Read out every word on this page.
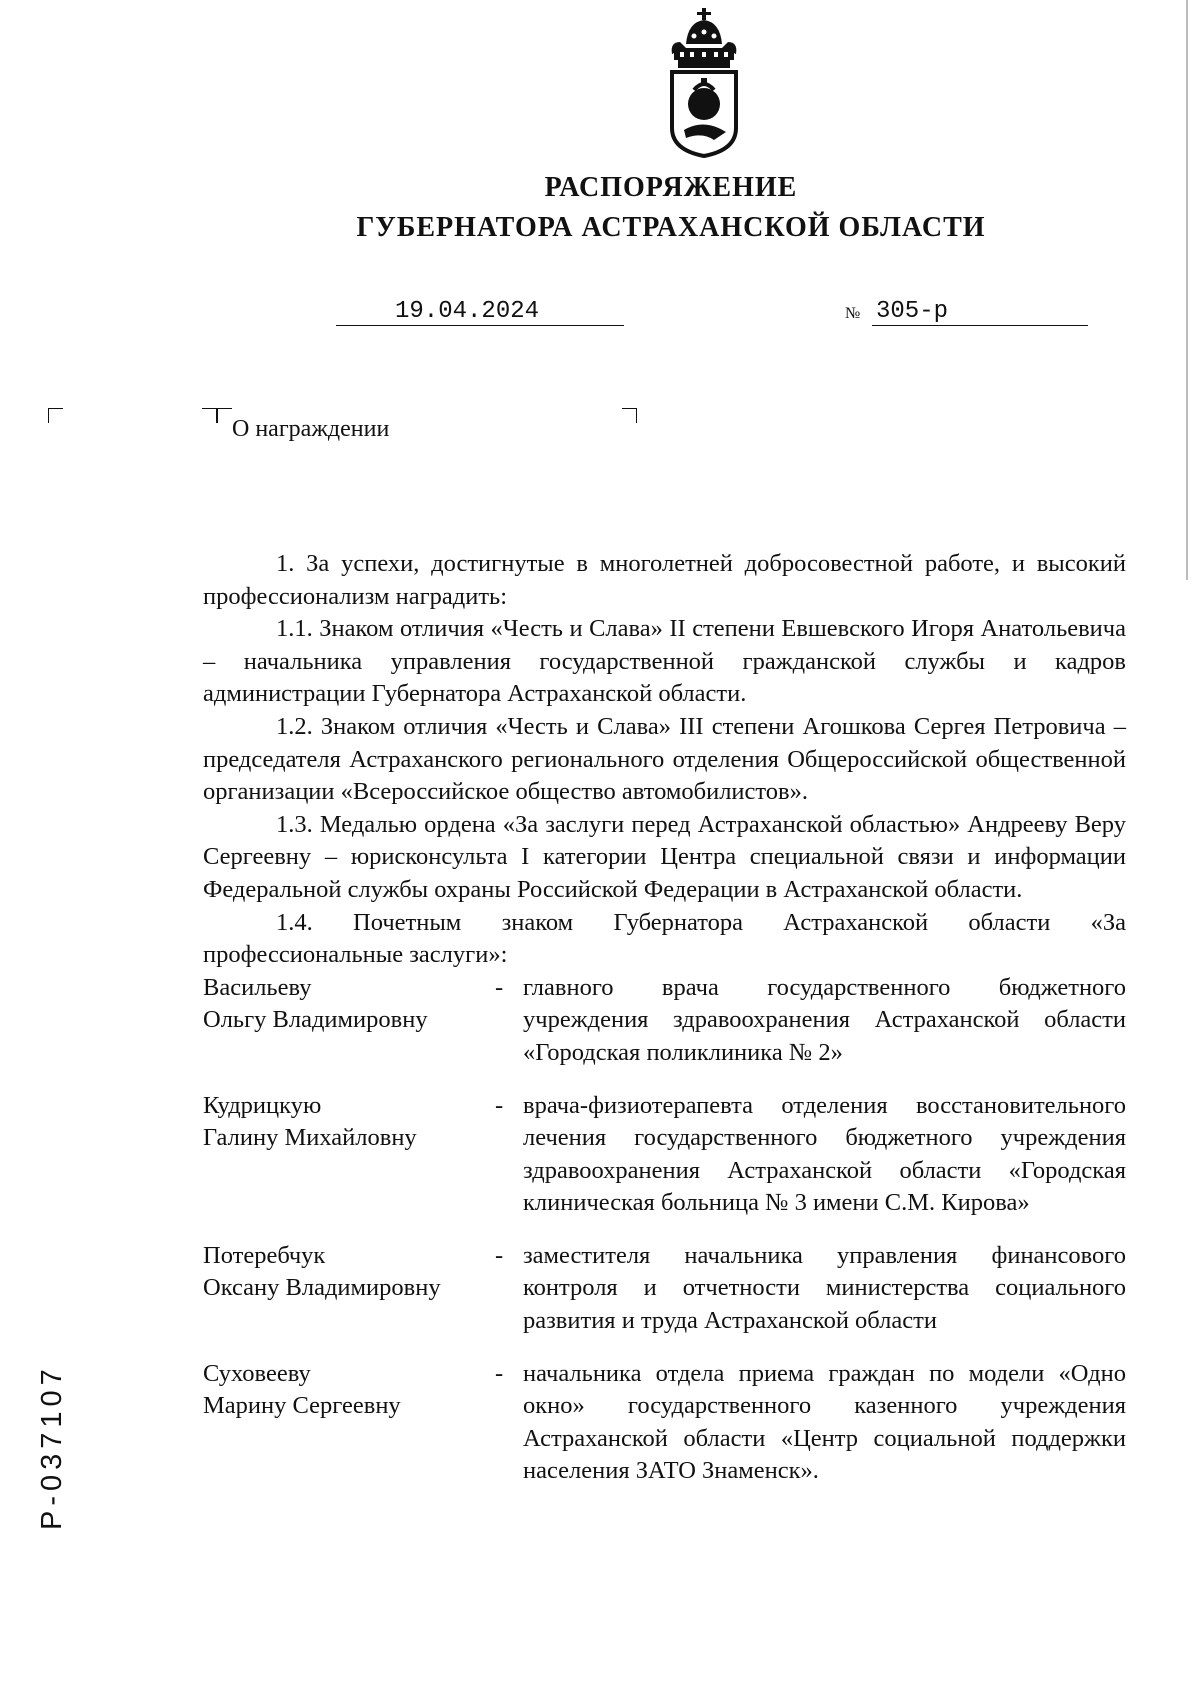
РАСПОРЯЖЕНИЕ
ГУБЕРНАТОРА АСТРАХАНСКОЙ ОБЛАСТИ
19.04.2024	№ 305-р
О награждении

1. За успехи, достигнутые в многолетней добросовестной работе, и высокий профессионализм наградить:

1.1. Знаком отличия «Честь и Слава» II степени Евшевского Игоря Анатольевича – начальника управления государственной гражданской службы и кадров администрации Губернатора Астраханской области.

1.2. Знаком отличия «Честь и Слава» III степени Агошкова Сергея Петровича – председателя Астраханского регионального отделения Общероссийской общественной организации «Всероссийское общество автомобилистов».

1.3. Медалью ордена «За заслуги перед Астраханской областью» Андрееву Веру Сергеевну – юрисконсульта I категории Центра специальной связи и информации Федеральной службы охраны Российской Федерации в Астраханской области.

1.4. Почетным знаком Губернатора Астраханской области «За профессиональные заслуги»:

Васильеву
Ольгу Владимировну
- главного врача государственного бюджетного учреждения здравоохранения Астраханской области «Городская поликлиника № 2»
Кудрицкую
Галину Михайловну
- врача-физиотерапевта отделения восстановительного лечения государственного бюджетного учреждения здравоохранения Астраханской области «Городская клиническая больница № 3 имени С.М. Кирова»
Потеребчук
Оксану Владимировну
- заместителя начальника управления финансового контроля и отчетности министерства социального развития и труда Астраханской области
Суховееву
Марину Сергеевну
- начальника отдела приема граждан по модели «Одно окно» государственного казенного учреждения Астраханской области «Центр социальной поддержки населения ЗАТО Знаменск».
Р-037107
